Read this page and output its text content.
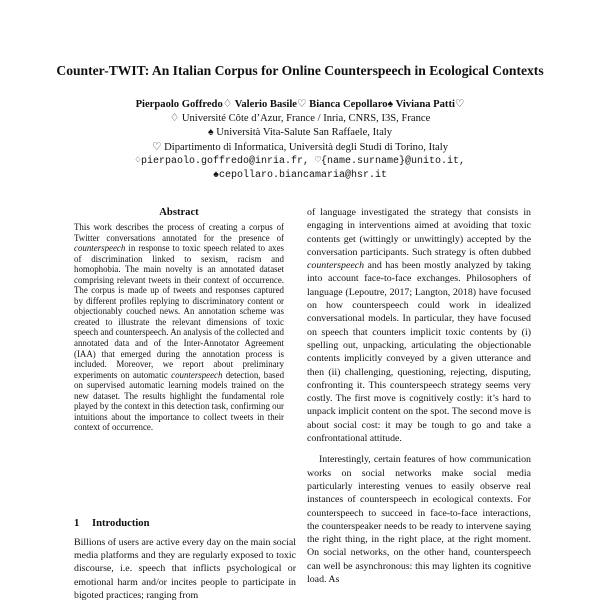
Counter-TWIT: An Italian Corpus for Online Counterspeech in Ecological Contexts
Pierpaolo Goffredo♢ Valerio Basile♡ Bianca Cepollaro♠ Viviana Patti♡
♢ Université Côte d’Azur, France / Inria, CNRS, I3S, France
♠ Università Vita-Salute San Raffaele, Italy
♡ Dipartimento di Informatica, Università degli Studi di Torino, Italy
♢pierpaolo.goffredo@inria.fr, ♡{name.surname}@unito.it,
♠cepollaro.biancamaria@hsr.it
Abstract
This work describes the process of creating a corpus of Twitter conversations annotated for the presence of counterspeech in response to toxic speech related to axes of discrimination linked to sexism, racism and homophobia. The main novelty is an annotated dataset comprising relevant tweets in their context of occurrence. The corpus is made up of tweets and responses captured by different profiles replying to discriminatory content or objectionably couched news. An annotation scheme was created to illustrate the relevant dimensions of toxic speech and counterspeech. An analysis of the collected and annotated data and of the Inter-Annotator Agreement (IAA) that emerged during the annotation process is included. Moreover, we report about preliminary experiments on automatic counterspeech detection, based on supervised automatic learning models trained on the new dataset. The results highlight the fundamental role played by the context in this detection task, confirming our intuitions about the importance to collect tweets in their context of occurrence.
1 Introduction
Billions of users are active every day on the main social media platforms and they are regularly exposed to toxic discourse, i.e. speech that inflicts psychological or emotional harm and/or incites people to participate in bigoted practices; ranging from

of language investigated the strategy that consists in engaging in interventions aimed at avoiding that toxic contents get (wittingly or unwittingly) accepted by the conversation participants. Such strategy is often dubbed counterspeech and has been mostly analyzed by taking into account face-to-face exchanges. Philosophers of language (Lepoutre, 2017; Langton, 2018) have focused on how counterspeech could work in idealized conversational models. In particular, they have focused on speech that counters implicit toxic contents by (i) spelling out, unpacking, articulating the objectionable contents implicitly conveyed by a given utterance and then (ii) challenging, questioning, rejecting, disputing, confronting it. This counterspeech strategy seems very costly. The first move is cognitively costly: it’s hard to unpack implicit content on the spot. The second move is about social cost: it may be tough to go and take a confrontational attitude.

Interestingly, certain features of how communication works on social networks make social media particularly interesting venues to easily observe real instances of counterspeech in ecological contexts. For counterspeech to succeed in face-to-face interactions, the counterspeaker needs to be ready to intervene saying the right thing, in the right place, at the right moment. On social networks, on the other hand, counterspeech can well be asynchronous: this may lighten its cognitive load. As
